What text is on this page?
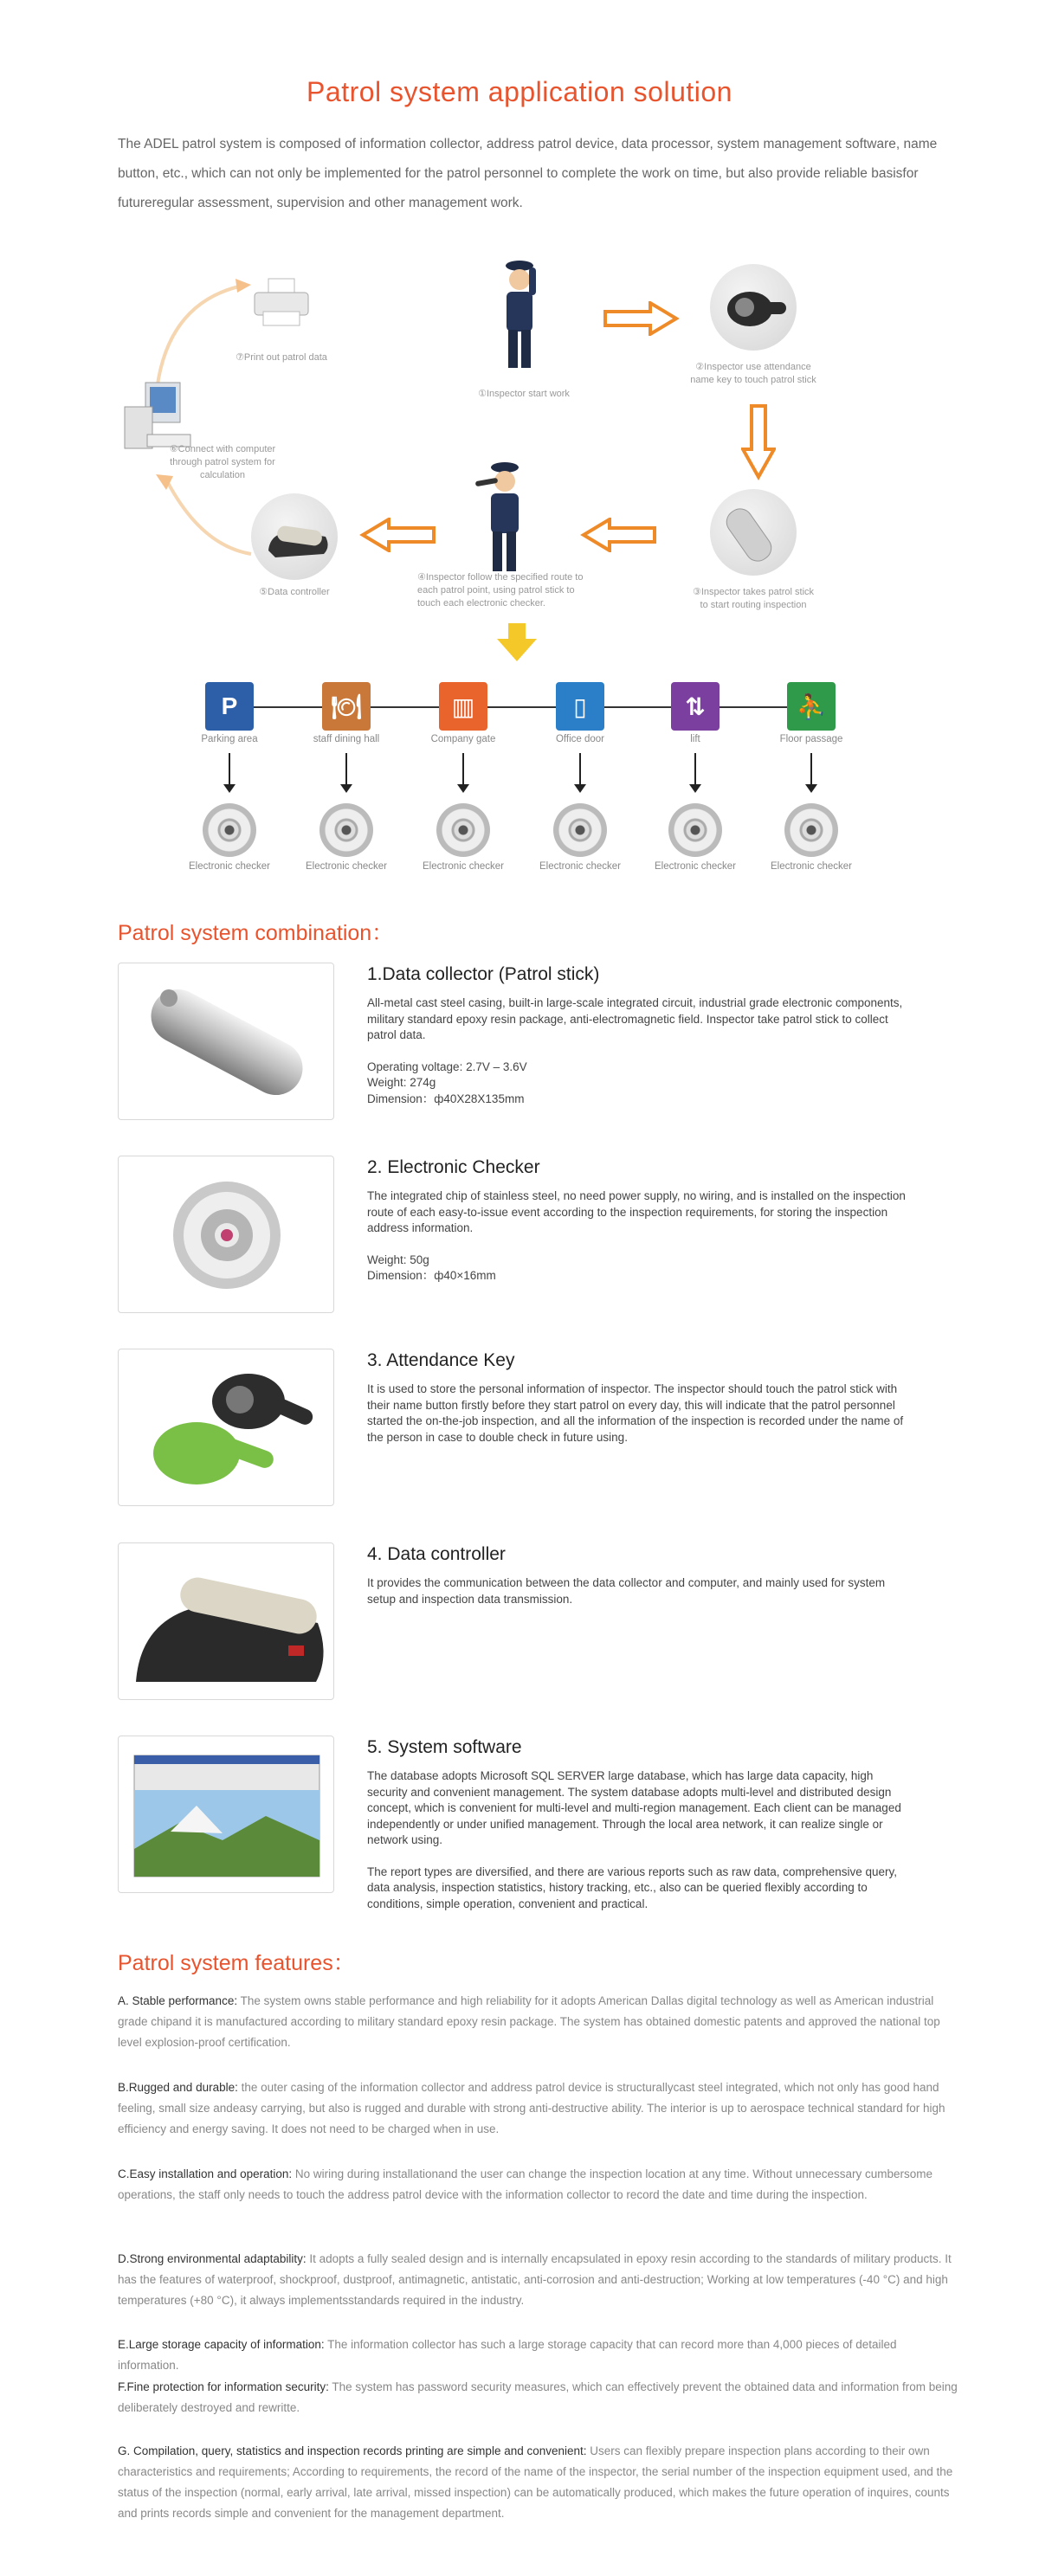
Patrol system application solution
The ADEL patrol system is composed of information collector, address patrol device, data processor, system management software, name button, etc., which can not only be implemented for the patrol personnel to complete the work on time, but also provide reliable basisfor futureregular assessment, supervision and other management work.
⑦Print out patrol data
⑥Connect with computer through patrol system for calculation
⑤Data controller
①Inspector start work
②Inspector use attendance name key to touch patrol stick
③Inspector takes patrol stick to start routing inspection
④Inspector follow the specified route to each patrol point, using patrol stick to touch each electronic checker.
P
Parking area
Electronic checker
🍽
staff dining hall
Electronic checker
▥
Company gate
Electronic checker
▯
Office door
Electronic checker
⇅
lift
Electronic checker
⛹
Floor passage
Electronic checker
Patrol system combination：
1.Data collector (Patrol stick)

All-metal cast steel casing, built-in large-scale integrated circuit, industrial grade electronic components, military standard epoxy resin package, anti-electromagnetic field. Inspector take patrol stick to collect patrol data.

Operating voltage: 2.7V – 3.6V
Weight: 274g
Dimension：ф40X28X135mm

2. Electronic Checker

The integrated chip of stainless steel, no need power supply, no wiring, and is installed on the inspection route of each easy-to-issue event according to the inspection requirements, for storing the inspection address information.

Weight: 50g
Dimension：ф40×16mm

3. Attendance Key

It is used to store the personal information of inspector. The inspector should touch the patrol stick with their name button firstly before they start patrol on every day, this will indicate that the patrol personnel started the on-the-job inspection, and all the information of the inspection is recorded under the name of the person in case to double check in future using.

4. Data controller

It provides the communication between the data collector and computer, and mainly used for system setup and inspection data transmission.

5. System software

The database adopts Microsoft SQL SERVER large database, which has large data capacity, high security and convenient management. The system database adopts multi-level and distributed design concept, which is convenient for multi-level and multi-region management. Each client can be managed independently or under unified management. Through the local area network, it can realize single or network using.

The report types are diversified, and there are various reports such as raw data, comprehensive query, data analysis, inspection statistics, history tracking, etc., also can be queried flexibly according to conditions, simple operation, convenient and practical.

Patrol system features：
A. Stable performance: The system owns stable performance and high reliability for it adopts American Dallas digital technology as well as American industrial grade chipand it is manufactured according to military standard epoxy resin package. The system has obtained domestic patents and approved the national top level explosion-proof certification.
B.Rugged and durable: the outer casing of the information collector and address patrol device is structurallycast steel integrated, which not only has good hand feeling, small size andeasy carrying, but also is rugged and durable with strong anti-destructive ability. The interior is up to aerospace technical standard for high efficiency and energy saving. It does not need to be charged when in use.
C.Easy installation and operation: No wiring during installationand the user can change the inspection location at any time. Without unnecessary cumbersome operations, the staff only needs to touch the address patrol device with the information collector to record the date and time during the inspection.
D.Strong environmental adaptability: It adopts a fully sealed design and is internally encapsulated in epoxy resin according to the standards of military products. It has the features of waterproof, shockproof, dustproof, antimagnetic, antistatic, anti-corrosion and anti-destruction; Working at low temperatures (-40 °C) and high temperatures (+80 °C), it always implementsstandards required in the industry.
E.Large storage capacity of information: The information collector has such a large storage capacity that can record more than 4,000 pieces of detailed information.
F.Fine protection for information security: The system has password security measures, which can effectively prevent the obtained data and information from being deliberately destroyed and rewritte.
G. Compilation, query, statistics and inspection records printing are simple and convenient: Users can flexibly prepare inspection plans according to their own characteristics and requirements; According to requirements, the record of the name of the inspector, the serial number of the inspection equipment used, and the status of the inspection (normal, early arrival, late arrival, missed inspection) can be automatically produced, which makes the future operation of inquires, counts and prints records simple and convenient for the management department.
